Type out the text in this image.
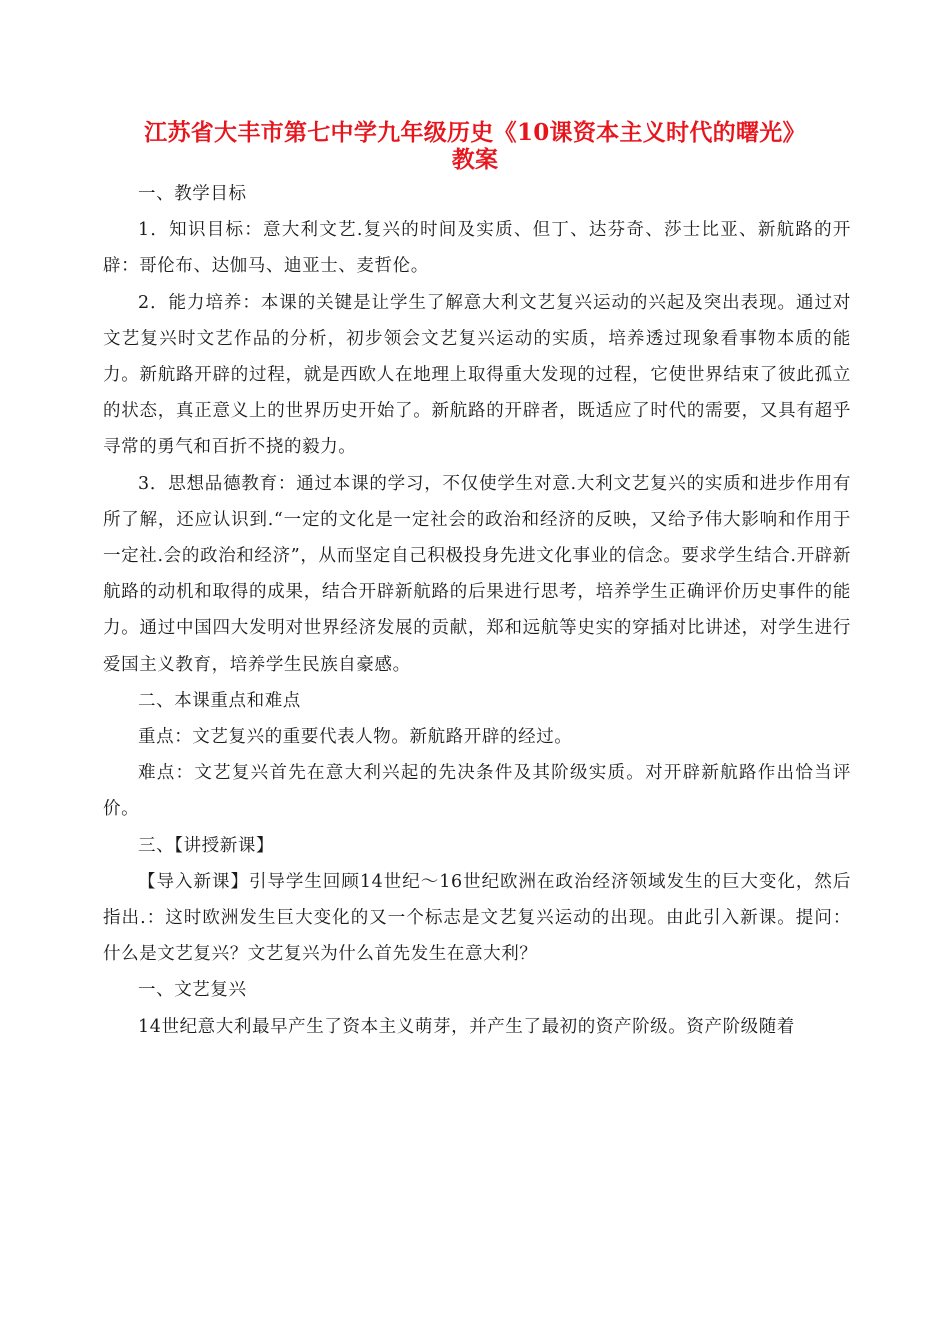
江苏省大丰市第七中学九年级历史《10课资本主义时代的曙光》
教案

一、教学目标

1．知识目标：意大利文艺.复兴的时间及实质、但丁、达芬奇、莎士比亚、新航路的开辟：哥伦布、达伽马、迪亚士、麦哲伦。

2．能力培养：本课的关键是让学生了解意大利文艺复兴运动的兴起及突出表现。通过对文艺复兴时文艺作品的分析，初步领会文艺复兴运动的实质，培养透过现象看事物本质的能力。新航路开辟的过程，就是西欧人在地理上取得重大发现的过程，它使世界结束了彼此孤立的状态，真正意义上的世界历史开始了。新航路的开辟者，既适应了时代的需要，又具有超乎寻常的勇气和百折不挠的毅力。

3．思想品德教育：通过本课的学习，不仅使学生对意.大利文艺复兴的实质和进步作用有所了解，还应认识到.“一定的文化是一定社会的政治和经济的反映，又给予伟大影响和作用于一定社.会的政治和经济”，从而坚定自己积极投身先进文化事业的信念。要求学生结合.开辟新航路的动机和取得的成果，结合开辟新航路的后果进行思考，培养学生正确评价历史事件的能力。通过中国四大发明对世界经济发展的贡献，郑和远航等史实的穿插对比讲述，对学生进行爱国主义教育，培养学生民族自豪感。

二、本课重点和难点

重点：文艺复兴的重要代表人物。新航路开辟的经过。

难点：文艺复兴首先在意大利兴起的先决条件及其阶级实质。对开辟新航路作出恰当评价。

三、【讲授新课】

【导入新课】引导学生回顾14世纪～16世纪欧洲在政治经济领域发生的巨大变化，然后指出.：这时欧洲发生巨大变化的又一个标志是文艺复兴运动的出现。由此引入新课。提问：什么是文艺复兴？文艺复兴为什么首先发生在意大利？

一、文艺复兴

14世纪意大利最早产生了资本主义萌芽，并产生了最初的资产阶级。资产阶级随着
